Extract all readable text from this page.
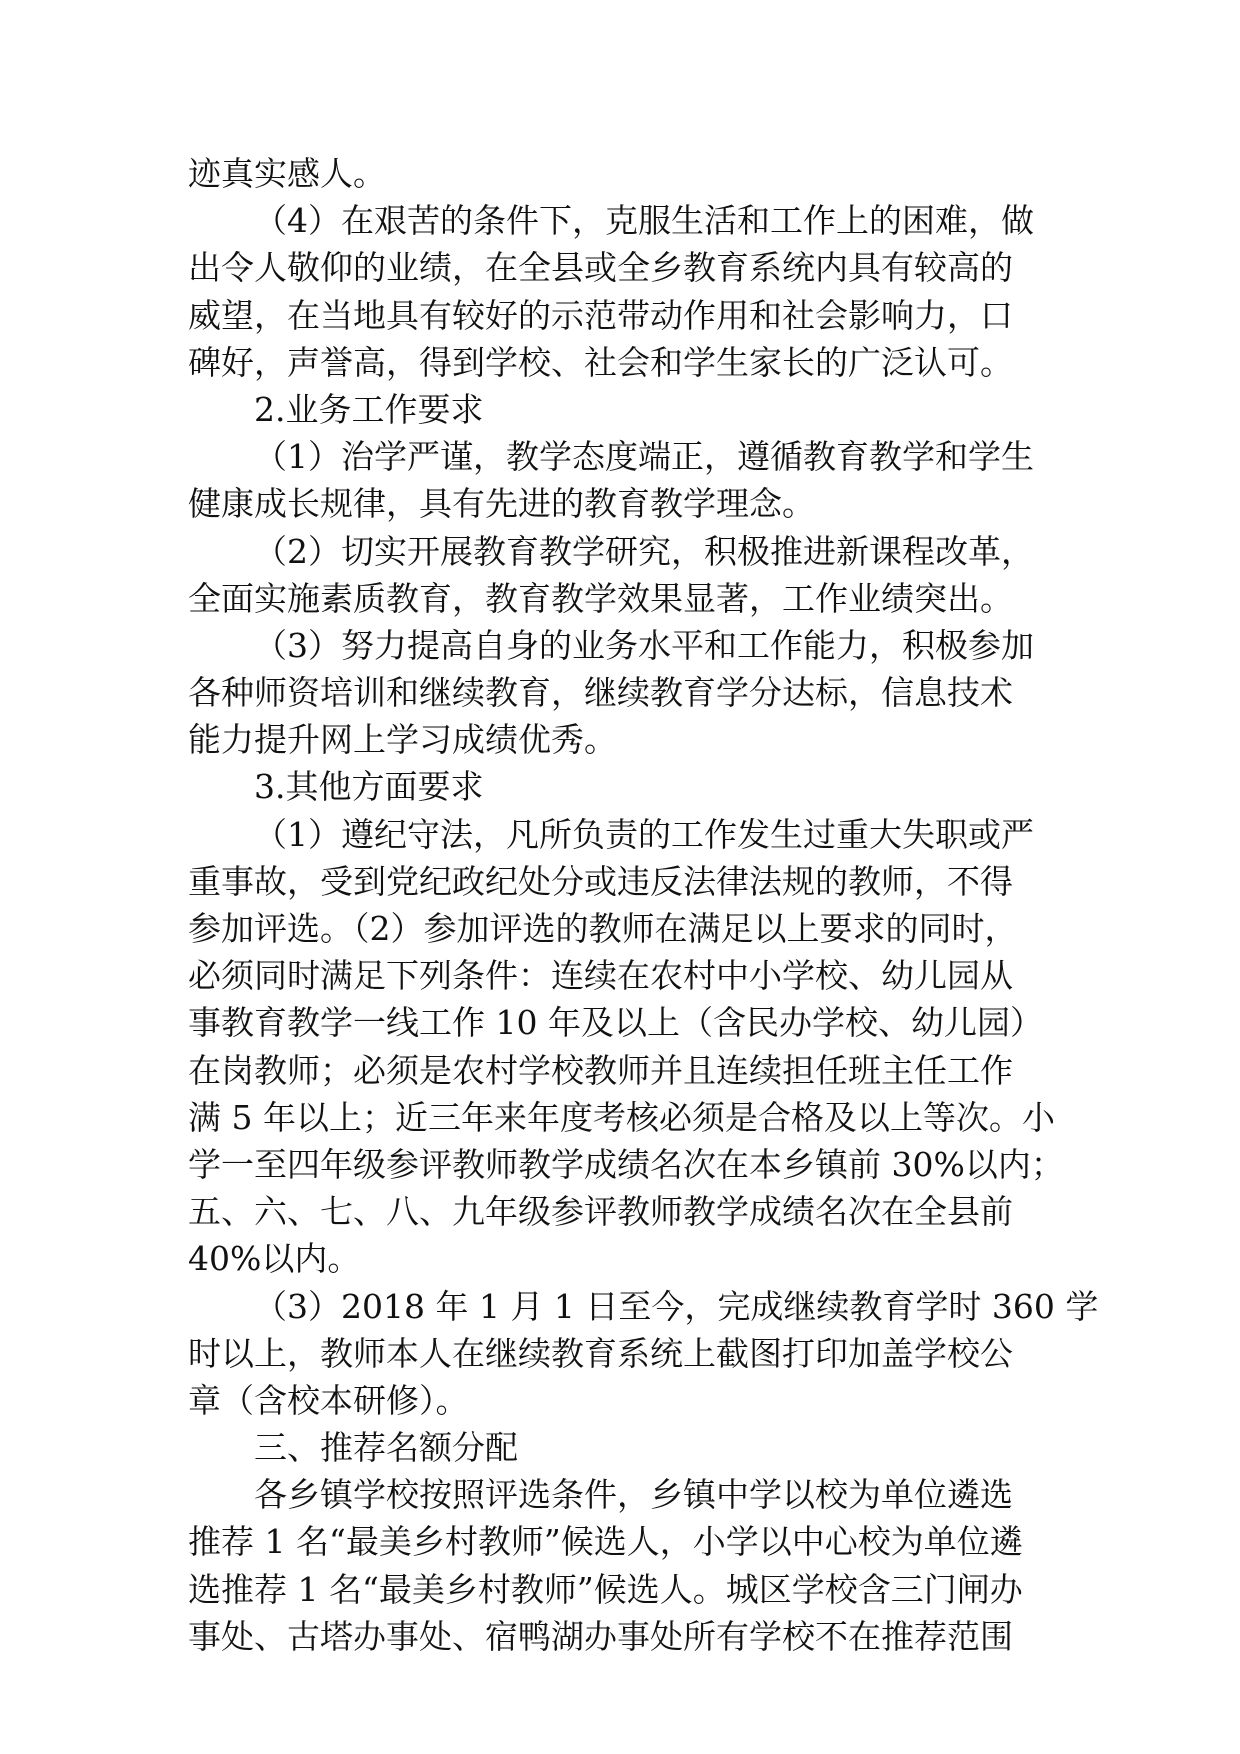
迹真实感人。
（4）在艰苦的条件下，克服生活和工作上的困难，做
出令人敬仰的业绩，在全县或全乡教育系统内具有较高的
威望，在当地具有较好的示范带动作用和社会影响力，口
碑好，声誉高，得到学校、社会和学生家长的广泛认可。
2.业务工作要求
（1）治学严谨，教学态度端正，遵循教育教学和学生
健康成长规律，具有先进的教育教学理念。
（2）切实开展教育教学研究，积极推进新课程改革，
全面实施素质教育，教育教学效果显著，工作业绩突出。
（3）努力提高自身的业务水平和工作能力，积极参加
各种师资培训和继续教育，继续教育学分达标，信息技术
能力提升网上学习成绩优秀。
3.其他方面要求
（1）遵纪守法，凡所负责的工作发生过重大失职或严
重事故，受到党纪政纪处分或违反法律法规的教师，不得
参加评选。（2）参加评选的教师在满足以上要求的同时，
必须同时满足下列条件：连续在农村中小学校、幼儿园从
事教育教学一线工作 10 年及以上（含民办学校、幼儿园）
在岗教师；必须是农村学校教师并且连续担任班主任工作
满 5 年以上；近三年来年度考核必须是合格及以上等次。小
学一至四年级参评教师教学成绩名次在本乡镇前 30%以内；
五、六、七、八、九年级参评教师教学成绩名次在全县前
40%以内。
（3）2018 年 1 月 1 日至今，完成继续教育学时 360 学
时以上，教师本人在继续教育系统上截图打印加盖学校公
章（含校本研修）。
三、推荐名额分配
各乡镇学校按照评选条件，乡镇中学以校为单位遴选
推荐 1 名“最美乡村教师”候选人，小学以中心校为单位遴
选推荐 1 名“最美乡村教师”候选人。城区学校含三门闸办
事处、古塔办事处、宿鸭湖办事处所有学校不在推荐范围
